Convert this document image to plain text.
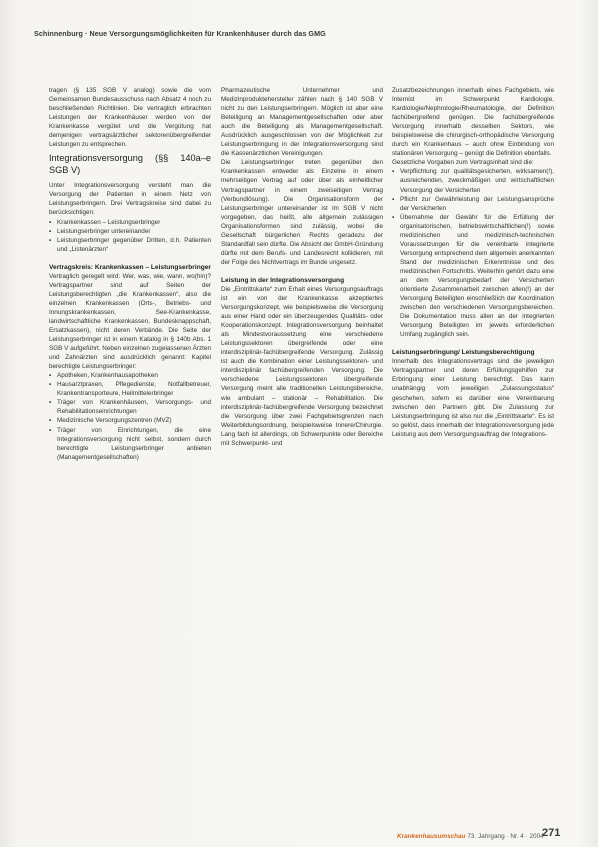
Schinnenburg · Neue Versorgungsmöglichkeiten für Krankenhäuser durch das GMG

tragen (§ 135 SGB V analog) sowie die vom Gemeinsamen Bundesausschuss nach Absatz 4 noch zu beschließenden Richtlinien. Die vertraglich erbrachten Leistungen der Krankenhäuser werden von der Krankenkasse vergütet und die Vergütung hat demjenigen vertragsärztlicher sektorenübergreifender Leistungen zu entsprechen.

Integrationsversorgung (§§ 140a–e SGB V)

Unter Integrationsversorgung versteht man die Versorgung der Patienten in einem Netz von Leistungserbringern. Drei Vertragskreise sind dabei zu berücksichtigen:

▪ Krankenkassen – Leistungserbringer
▪ Leistungserbringer untereinander
▪ Leistungserbringer gegenüber Dritten, d.h. Patienten und „Listenärzten“
Vertragskreis: Krankenkassen – Leistungserbringer

Vertraglich geregelt wird: Wer, was, wie, wann, wo(hin)? Vertragspartner sind auf Seiten der Leistungsberechtigten „die Krankenkassen“, also die einzelnen Krankenkassen (Orts-, Betriebs- und Innungskrankenkassen, See-Krankenkasse, landwirtschaftliche Krankenkassen, Bundesknappschaft, Ersatzkassen), nicht deren Verbände. Die Seite der Leistungserbringer ist in einem Katalog in § 140b Abs. 1 SGB V aufgeführt. Neben einzelnen zugelassenen Ärzten und Zahnärzten sind ausdrücklich genannt: Kapitel berechtigte Leistungserbringer:

▪ Apotheken, Krankenhausapotheken
▪ Hausarztpraxen, Pflegedienste, Notfallbetreuer, Krankentransporteure, Heilmittelerbringer
▪ Träger von Krankenhäusern, Versorgungs- und Rehabilitationseinrichtungen
▪ Medizinische Versorgungszentren (MVZ)
▪ Träger von Einrichtungen, die eine Integrationsversorgung nicht selbst, sondern durch berechtigte Leistungserbringer anbieten (Managementgesellschaften)

Pharmazeutische Unternehmer und Medizinproduktehersteller zählen nach § 140 SGB V nicht zu den Leistungserbringern. Möglich ist aber eine Beteiligung an Managementgesellschaften oder aber auch die Beteiligung als Managementgesellschaft. Ausdrücklich ausgeschlossen von der Möglichkeit zur Leistungserbringung in der Integrationsversorgung sind die Kassenärztlichen Vereinigungen.

Die Leistungserbringer treten gegenüber den Krankenkassen entweder als Einzelne in einem mehrseitigen Vertrag auf oder über als einheitlicher Vertragspartner in einem zweiseitigen Vertrag (Verbundlösung). Die Organisationsform der Leistungserbringer untereinander ist im SGB V nicht vorgegeben, das heißt, alle allgemein zulässigen Organisationsformen sind zulässig, wobei die Gesellschaft bürgerlichen Rechts geradezu der Standardfall sein dürfte. Die Absicht der GmbH-Gründung dürfte mit dem Berufs- und Landesrecht kollidieren, mit der Folge des Nichtvertrags im Bunde ungesetz.

Leistung in der Integrationsversorgung

Die „Eintrittskarte“ zum Erhalt eines Versorgungsauftrags ist ein von der Krankenkasse akzeptiertes Versorgungskonzept, wie beispielsweise die Versorgung aus einer Hand oder ein überzeugendes Qualitäts- oder Kooperationskonzept. Integrationsversorgung beinhaltet als Mindestvoraussetzung eine verschiedene Leistungssektoren übergreifende oder eine interdisziplinär-fachübergreifende Versorgung. Zulässig ist auch die Kombination einer Leistungssektoren- und interdisziplinär fachübergreifenden Versorgung. Die verschiedene Leistungssektoren übergreifende Versorgung meint alle traditionellen Leistungsbereiche, wie ambulant – stationär – Rehabilitation. Die interdisziplinär-fachübergreifende Versorgung bezeichnet die Versorgung über zwei Fachgebietsgrenzen nach Weiterbildungsordnung, beispielsweise Innere/Chirurgie. Lang fach ist allerdings, ob Schwerpunkte oder Bereiche mit Schwerpunkt- und

Zusatzbezeichnungen innerhalb eines Fachgebiets, wie Internist im Schwerpunkt Kardiologie, Kardiologie/Nephrologie/Rheumatologie, der Definition fachübergreifend genügen. Die fachübergreifende Versorgung innerhalb desselben Sektors, wie beispielsweise die chirurgisch-orthopädische Versorgung durch ein Krankenhaus – auch ohne Einbindung von stationären Versorgung – genügt die Definition ebenfalls.

Gesetzliche Vorgaben zum Vertragsinhalt sind die:

▪ Verpflichtung zur qualitätsgesicherten, wirksamen(!), ausreichenden, zweckmäßigen und wirtschaftlichen Versorgung der Versicherten
▪ Pflicht zur Gewährleistung der Leistungsansprüche der Versicherten
▪ Übernahme der Gewähr für die Erfüllung der organisatorischen, betriebswirtschaftlichen(!) sowie medizinischen und medizinisch-technischen Voraussetzungen für die vereinbarte integrierte Versorgung entsprechend dem allgemein anerkannten Stand der medizinischen Erkenntnisse und des medizinischen Fortschritts. Weiterhin gehört dazu eine an dem Versorgungsbedarf der Versicherten orientierte Zusammenarbeit zwischen allen(!) an der Versorgung Beteiligten einschließlich der Koordination zwischen den verschiedenen Versorgungsbereichen. Die Dokumentation muss allen an der integrierten Versorgung Beteiligten im jeweils erforderlichen Umfang zugänglich sein.
Leistungserbringung/ Leistungsberechtigung

Innerhalb des Integrationsvertrags sind die jeweiligen Vertragspartner und deren Erfüllungsgehilfen zur Erbringung einer Leistung berechtigt. Das kann unabhängig vom jeweiligen „Zulassungsstatus“ geschehen, sofern es darüber eine Vereinbarung zwischen den Partnern gibt. Die Zulassung zur Leistungserbringung ist also nur die „Eintrittskarte“. Es ist so gelöst, dass innerhalb der Integrationsversorgung jede Leistung aus dem Versorgungsauftrag der Integrations-

Krankenhausumschau 73. Jahrgang · Nr. 4 · 2004
271
